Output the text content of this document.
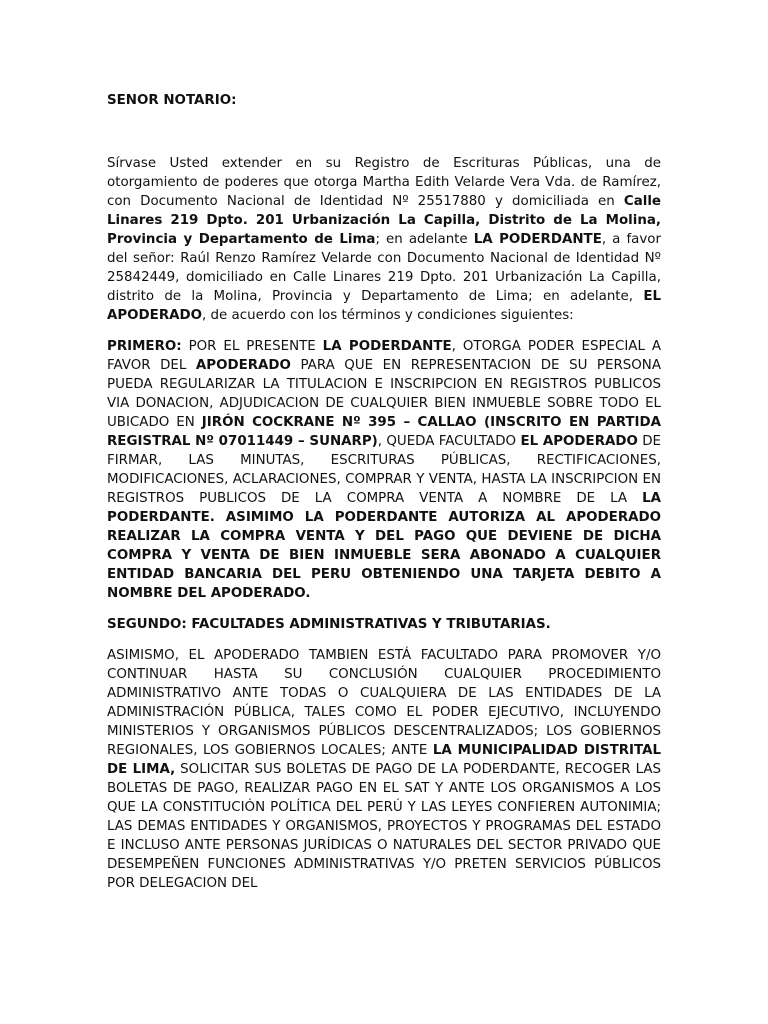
SENOR NOTARIO:

Sírvase Usted extender en su Registro de Escrituras Públicas, una de otorgamiento de poderes que otorga Martha Edith Velarde Vera Vda. de Ramírez, con Documento Nacional de Identidad Nº 25517880 y domiciliada en Calle Linares 219 Dpto. 201 Urbanización La Capilla, Distrito de La Molina, Provincia y Departamento de Lima; en adelante LA PODERDANTE, a favor del señor: Raúl Renzo Ramírez Velarde con Documento Nacional de Identidad Nº 25842449, domiciliado en Calle Linares 219 Dpto. 201 Urbanización La Capilla, distrito de la Molina, Provincia y Departamento de Lima; en adelante, EL APODERADO, de acuerdo con los términos y condiciones siguientes:

PRIMERO: POR EL PRESENTE LA PODERDANTE, OTORGA PODER ESPECIAL A FAVOR DEL APODERADO PARA QUE EN REPRESENTACION DE SU PERSONA PUEDA REGULARIZAR LA TITULACION E INSCRIPCION EN REGISTROS PUBLICOS VIA DONACION, ADJUDICACION DE CUALQUIER BIEN INMUEBLE SOBRE TODO EL UBICADO EN JIRÓN COCKRANE Nº 395 – CALLAO (INSCRITO EN PARTIDA REGISTRAL Nº 07011449 – SUNARP), QUEDA FACULTADO EL APODERADO DE FIRMAR, LAS MINUTAS, ESCRITURAS PÚBLICAS, RECTIFICACIONES, MODIFICACIONES, ACLARACIONES, COMPRAR Y VENTA, HASTA LA INSCRIPCION EN REGISTROS PUBLICOS DE LA COMPRA VENTA A NOMBRE DE LA LA PODERDANTE. ASIMIMO LA PODERDANTE AUTORIZA AL APODERADO REALIZAR LA COMPRA VENTA Y DEL PAGO QUE DEVIENE DE DICHA COMPRA Y VENTA DE BIEN INMUEBLE SERA ABONADO A CUALQUIER ENTIDAD BANCARIA DEL PERU OBTENIENDO UNA TARJETA DEBITO A NOMBRE DEL APODERADO.

SEGUNDO: FACULTADES ADMINISTRATIVAS Y TRIBUTARIAS.

ASIMISMO, EL APODERADO TAMBIEN ESTÁ FACULTADO PARA PROMOVER Y/O CONTINUAR HASTA SU CONCLUSIÓN CUALQUIER PROCEDIMIENTO ADMINISTRATIVO ANTE TODAS O CUALQUIERA DE LAS ENTIDADES DE LA ADMINISTRACIÓN PÚBLICA, TALES COMO EL PODER EJECUTIVO, INCLUYENDO MINISTERIOS Y ORGANISMOS PÚBLICOS DESCENTRALIZADOS; LOS GOBIERNOS REGIONALES, LOS GOBIERNOS LOCALES; ANTE LA MUNICIPALIDAD DISTRITAL DE LIMA, SOLICITAR SUS BOLETAS DE PAGO DE LA PODERDANTE, RECOGER LAS BOLETAS DE PAGO, REALIZAR PAGO EN EL SAT Y ANTE LOS ORGANISMOS A LOS QUE LA CONSTITUCIÓN POLÍTICA DEL PERÚ Y LAS LEYES CONFIEREN AUTONIMIA; LAS DEMAS ENTIDADES Y ORGANISMOS, PROYECTOS Y PROGRAMAS DEL ESTADO E INCLUSO ANTE PERSONAS JURÍDICAS O NATURALES DEL SECTOR PRIVADO QUE DESEMPEÑEN FUNCIONES ADMINISTRATIVAS Y/O PRETEN SERVICIOS PÚBLICOS POR DELEGACION DEL
